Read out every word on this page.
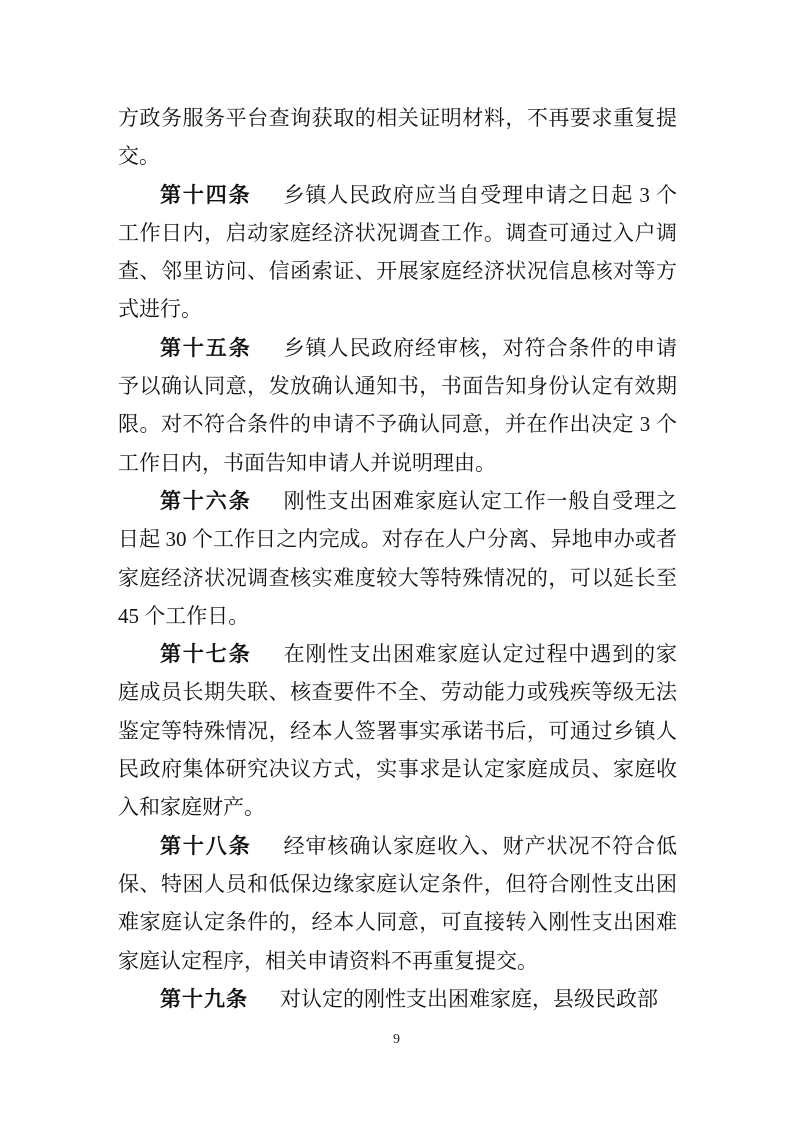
方政务服务平台查询获取的相关证明材料，不再要求重复提交。

第十四条 乡镇人民政府应当自受理申请之日起 3 个工作日内，启动家庭经济状况调查工作。调查可通过入户调查、邻里访问、信函索证、开展家庭经济状况信息核对等方式进行。

第十五条 乡镇人民政府经审核，对符合条件的申请予以确认同意，发放确认通知书，书面告知身份认定有效期限。对不符合条件的申请不予确认同意，并在作出决定 3 个工作日内，书面告知申请人并说明理由。

第十六条 刚性支出困难家庭认定工作一般自受理之日起 30 个工作日之内完成。对存在人户分离、异地申办或者家庭经济状况调查核实难度较大等特殊情况的，可以延长至 45 个工作日。

第十七条 在刚性支出困难家庭认定过程中遇到的家庭成员长期失联、核查要件不全、劳动能力或残疾等级无法鉴定等特殊情况，经本人签署事实承诺书后，可通过乡镇人民政府集体研究决议方式，实事求是认定家庭成员、家庭收入和家庭财产。

第十八条 经审核确认家庭收入、财产状况不符合低保、特困人员和低保边缘家庭认定条件，但符合刚性支出困难家庭认定条件的，经本人同意，可直接转入刚性支出困难家庭认定程序，相关申请资料不再重复提交。

第十九条 对认定的刚性支出困难家庭，县级民政部

9
